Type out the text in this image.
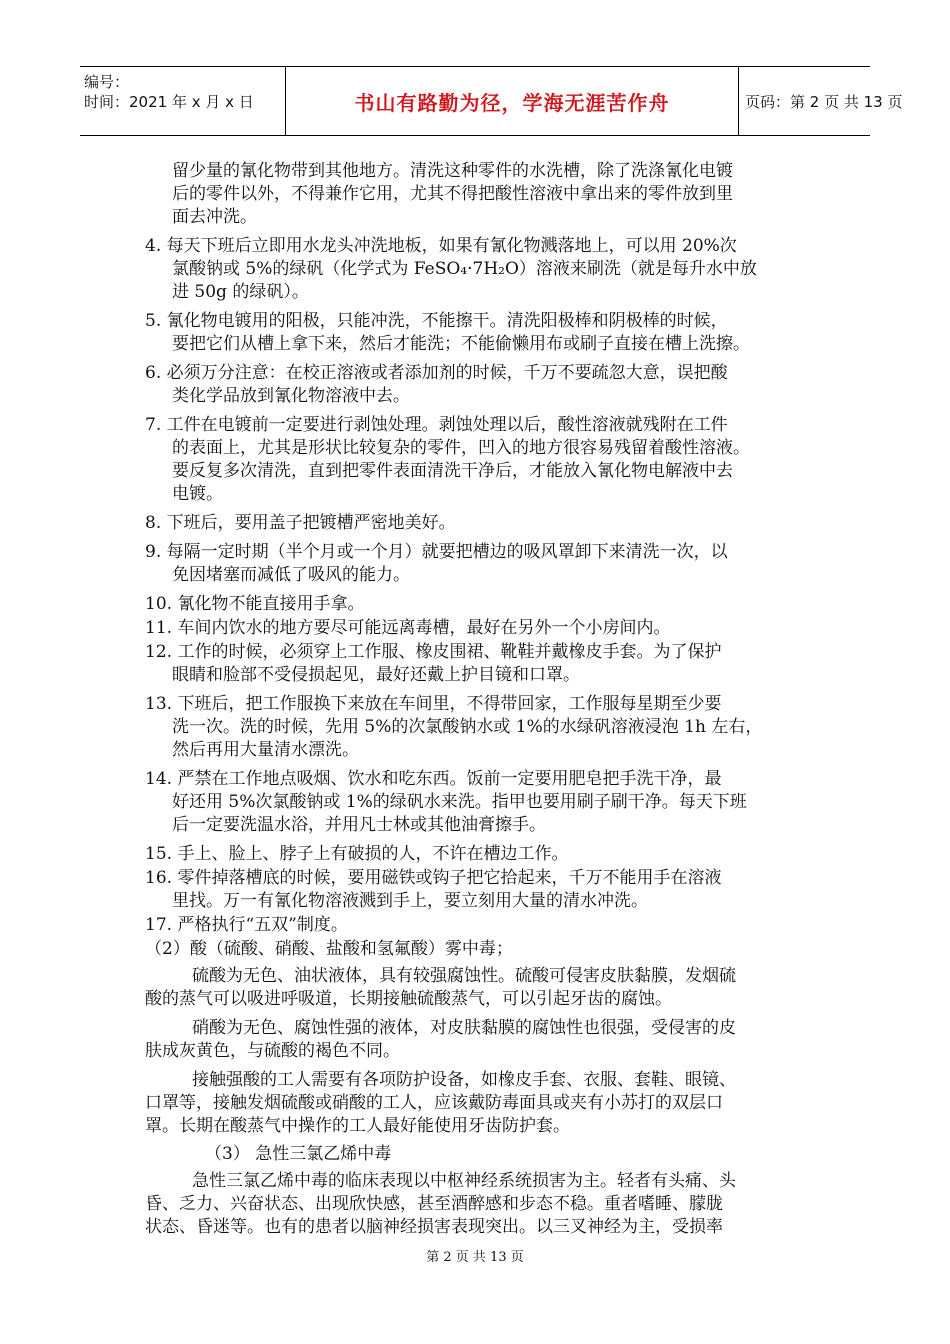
编号：
时间：2021 年 x 月 x 日	书山有路勤为径，学海无涯苦作舟	页码：第 2 页 共 13 页
留少量的氰化物带到其他地方。清洗这种零件的水洗槽，除了洗涤氰化电镀
后的零件以外，不得兼作它用，尤其不得把酸性溶液中拿出来的零件放到里
面去冲洗。
4. 每天下班后立即用水龙头冲洗地板，如果有氰化物溅落地上，可以用 20%次
氯酸钠或 5%的绿矾（化学式为 FeSO₄·7H₂O）溶液来刷洗（就是每升水中放
进 50g 的绿矾）。
5. 氰化物电镀用的阳极，只能冲洗，不能擦干。清洗阳极棒和阴极棒的时候，
要把它们从槽上拿下来，然后才能洗；不能偷懒用布或刷子直接在槽上洗擦。
6. 必须万分注意：在校正溶液或者添加剂的时候，千万不要疏忽大意，误把酸
类化学品放到氰化物溶液中去。
7. 工件在电镀前一定要进行剥蚀处理。剥蚀处理以后，酸性溶液就残附在工件
的表面上，尤其是形状比较复杂的零件，凹入的地方很容易残留着酸性溶液。
要反复多次清洗，直到把零件表面清洗干净后，才能放入氰化物电解液中去
电镀。
8. 下班后，要用盖子把镀槽严密地美好。
9. 每隔一定时期（半个月或一个月）就要把槽边的吸风罩卸下来清洗一次，以
免因堵塞而减低了吸风的能力。
10. 氰化物不能直接用手拿。
11. 车间内饮水的地方要尽可能远离毒槽，最好在另外一个小房间内。
12. 工作的时候，必须穿上工作服、橡皮围裙、靴鞋并戴橡皮手套。为了保护
眼睛和脸部不受侵损起见，最好还戴上护目镜和口罩。
13. 下班后，把工作服换下来放在车间里，不得带回家，工作服每星期至少要
洗一次。洗的时候，先用 5%的次氯酸钠水或 1%的水绿矾溶液浸泡 1h 左右，
然后再用大量清水漂洗。
14. 严禁在工作地点吸烟、饮水和吃东西。饭前一定要用肥皂把手洗干净，最
好还用 5%次氯酸钠或 1%的绿矾水来洗。指甲也要用刷子刷干净。每天下班
后一定要洗温水浴，并用凡士林或其他油膏擦手。
15. 手上、脸上、脖子上有破损的人，不许在槽边工作。
16. 零件掉落槽底的时候，要用磁铁或钩子把它拾起来，千万不能用手在溶液
里找。万一有氰化物溶液溅到手上，要立刻用大量的清水冲洗。
17. 严格执行“五双”制度。
（2）酸（硫酸、硝酸、盐酸和氢氟酸）雾中毒；
硫酸为无色、油状液体，具有较强腐蚀性。硫酸可侵害皮肤黏膜，发烟硫
酸的蒸气可以吸进呼吸道，长期接触硫酸蒸气，可以引起牙齿的腐蚀。
硝酸为无色、腐蚀性强的液体，对皮肤黏膜的腐蚀性也很强，受侵害的皮
肤成灰黄色，与硫酸的褐色不同。
接触强酸的工人需要有各项防护设备，如橡皮手套、衣服、套鞋、眼镜、
口罩等，接触发烟硫酸或硝酸的工人，应该戴防毒面具或夹有小苏打的双层口
罩。长期在酸蒸气中操作的工人最好能使用牙齿防护套。
（3） 急性三氯乙烯中毒
急性三氯乙烯中毒的临床表现以中枢神经系统损害为主。轻者有头痛、头
昏、乏力、兴奋状态、出现欣快感，甚至酒醉感和步态不稳。重者嗜睡、朦胧
状态、昏迷等。也有的患者以脑神经损害表现突出。以三叉神经为主，受损率
第 2 页 共 13 页
